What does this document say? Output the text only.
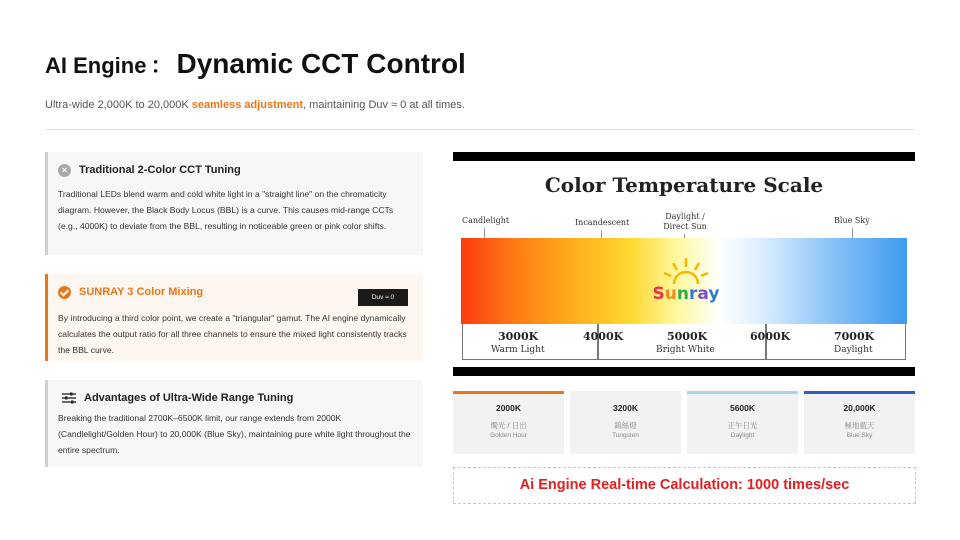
AI Engine ： Dynamic CCT Control
Ultra-wide 2,000K to 20,000K seamless adjustment, maintaining Duv ≈ 0 at all times.
×	Traditional 2-Color CCT Tuning
Traditional LEDs blend warm and cold white light in a "straight line" on the chromaticity diagram. However, the Black Body Locus (BBL) is a curve. This causes mid-range CCTs (e.g., 4000K) to deviate from the BBL, resulting in noticeable green or pink color shifts.
SUNRAY 3 Color Mixing	Duv ≈ 0
By introducing a third color point, we create a "triangular" gamut. The AI engine dynamically calculates the output ratio for all three channels to ensure the mixed light consistently tracks the BBL curve.
Advantages of Ultra-Wide Range Tuning
Breaking the traditional 2700K–6500K limit, our range extends from 2000K (Candlelight/Golden Hour) to 20,000K (Blue Sky), maintaining pure white light throughout the entire spectrum.
Color Temperature Scale
Candlelight	Incandescent
Daylight /
Direct Sun
Blue Sky
Sunray
3000K	4000K	5000K	6000K	7000K
Warm Light	Bright White	Daylight
2000K
燭光 / 日出
Golden Hour
3200K
鎢絲燈
Tungsten
5600K
正午日光
Daylight
20,000K
極地藍天
Blue Sky
Ai Engine Real-time Calculation: 1000 times/sec
